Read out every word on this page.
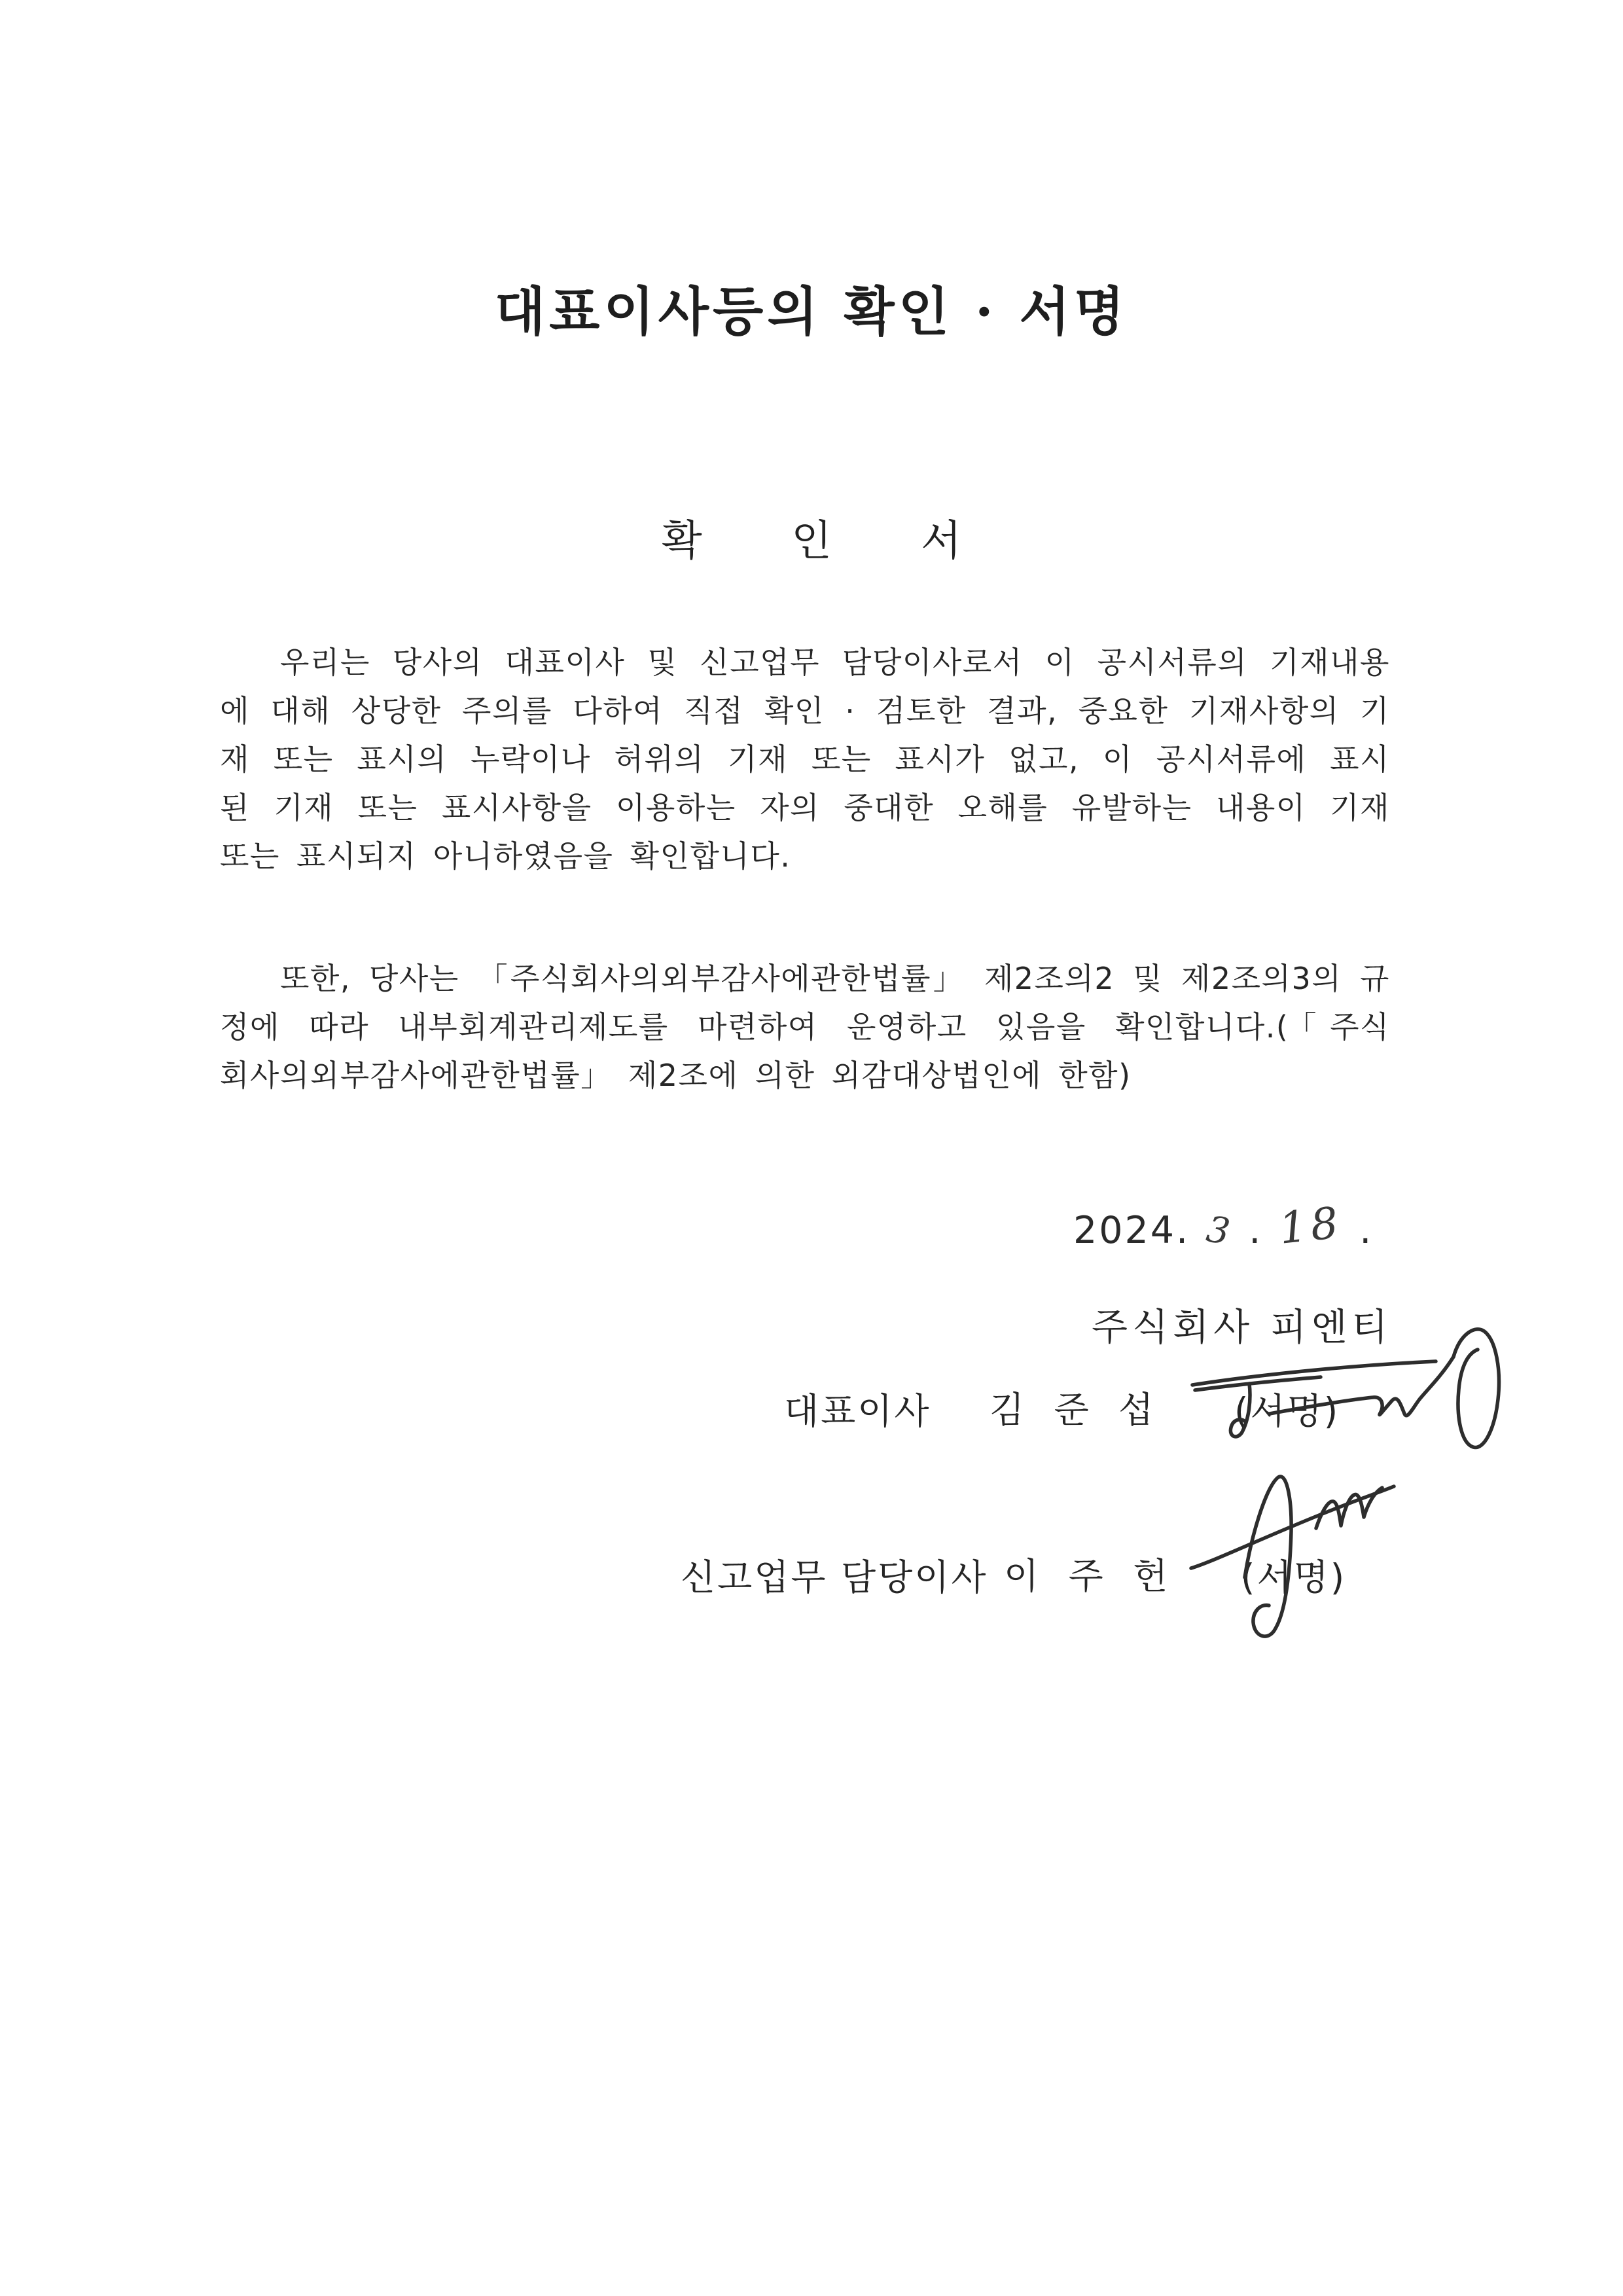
대표이사등의 확인 · 서명
확 인 서
우리는 당사의 대표이사 및 신고업무 담당이사로서 이 공시서류의 기재내용
에 대해 상당한 주의를 다하여 직접 확인 · 검토한 결과, 중요한 기재사항의 기
재 또는 표시의 누락이나 허위의 기재 또는 표시가 없고, 이 공시서류에 표시
된 기재 또는 표시사항을 이용하는 자의 중대한 오해를 유발하는 내용이 기재
또는 표시되지 아니하였음을 확인합니다.
또한, 당사는 「주식회사의외부감사에관한법률」 제2조의2 및 제2조의3의 규
정에 따라 내부회계관리제도를 마련하여 운영하고 있음을 확인합니다.(「주식
회사의외부감사에관한법률」 제2조에 의한 외감대상법인에 한함)
2024. 3 . 18 .
주식회사 피엔티
대표이사 김 준 섭 (서명)
신고업무 담당이사 이 주 헌 (서명)
